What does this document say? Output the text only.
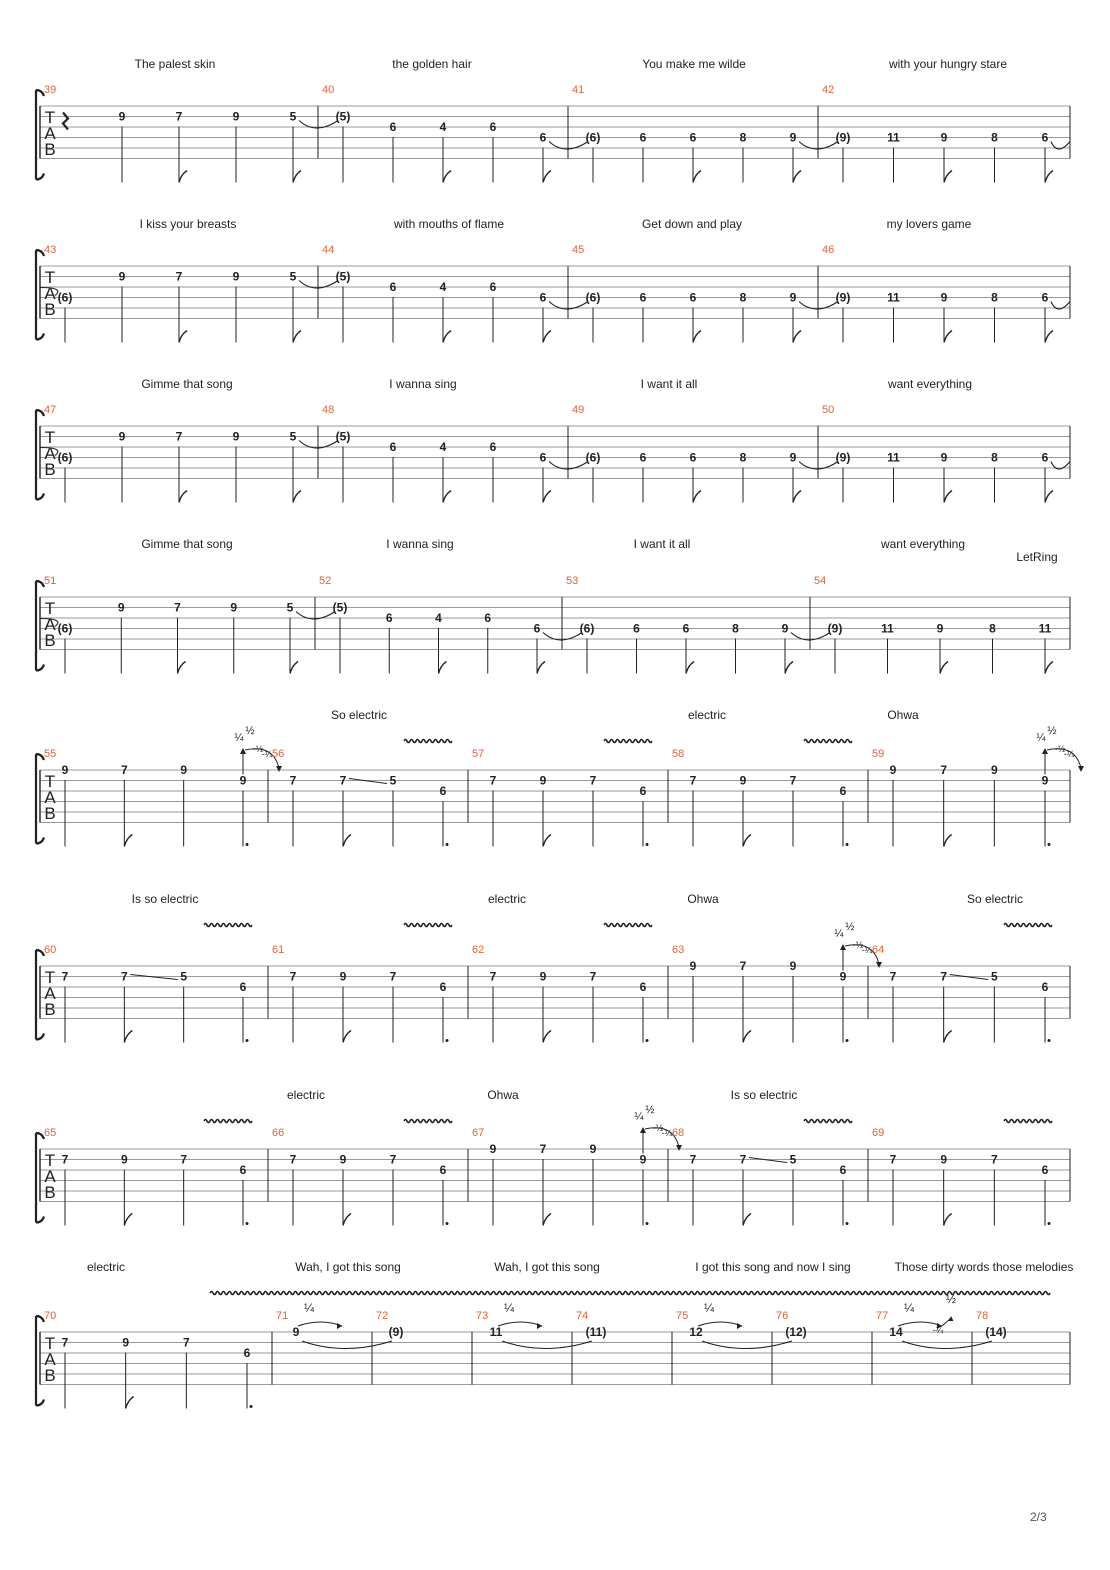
T
A
B
The palest skin	the golden hair	You make me wilde	with your hungry stare
39
9	7	9	5
40
(5)
6	4	6
6
41
(6)	6	6	8	9
42
(9)	11	9	8	6
T
A
B
I kiss your breasts	with mouths of flame	Get down and play	my lovers game
43
(6)
9	7	9	5
44
(5)
6	4	6
6
45
(6)	6	6	8	9
46
(9)	11	9	8	6
T
A
B
Gimme that song	I wanna sing	I want it all	want everything
47
(6)
9	7	9	5
48
(5)
6	4	6
6
49
(6)	6	6	8	9
50
(9)	11	9	8	6
T
A
B
Gimme that song	I wanna sing	I want it all	want everything
LetRing
51
(6)
9	7	9	5
52
(5)
6	4	6
6
53
(6)	6	6	8	9
54
(9)	11	9	8	11
T
A
B
So electric	electric	Ohwa
55
9	7	9
9
¼
½
-½
-¼ 56
7	7	5
6
57
7	9	7
6
58
7	9	7
6
59
9	7	9
9
¼
½
-½
-¼
T
A
B
Is so electric	electric	Ohwa	So electric
60
7	7	5
6
61
7	9	7
6
62
7	9	7
6
63
9	7	9
9
¼
½
-½
-¼ 64
7	7	5
6
T
A
B
electric	Ohwa	Is so electric
65
7	9	7
6
66
7	9	7
6
67
9	7	9
9
¼
½
-½
-¼ 68
7	7	5
6
69
7	9	7
6
T
A
B
electric	Wah, I got this song	Wah, I got this song	I got this song and now I sing	Those dirty words those melodies
70
7	9	7
6
71
9
¼
72
(9)
73
11
¼
74
(11)
75
12
¼
76
(12)
77
14
¼
½
-¼
78
(14)
2/3
